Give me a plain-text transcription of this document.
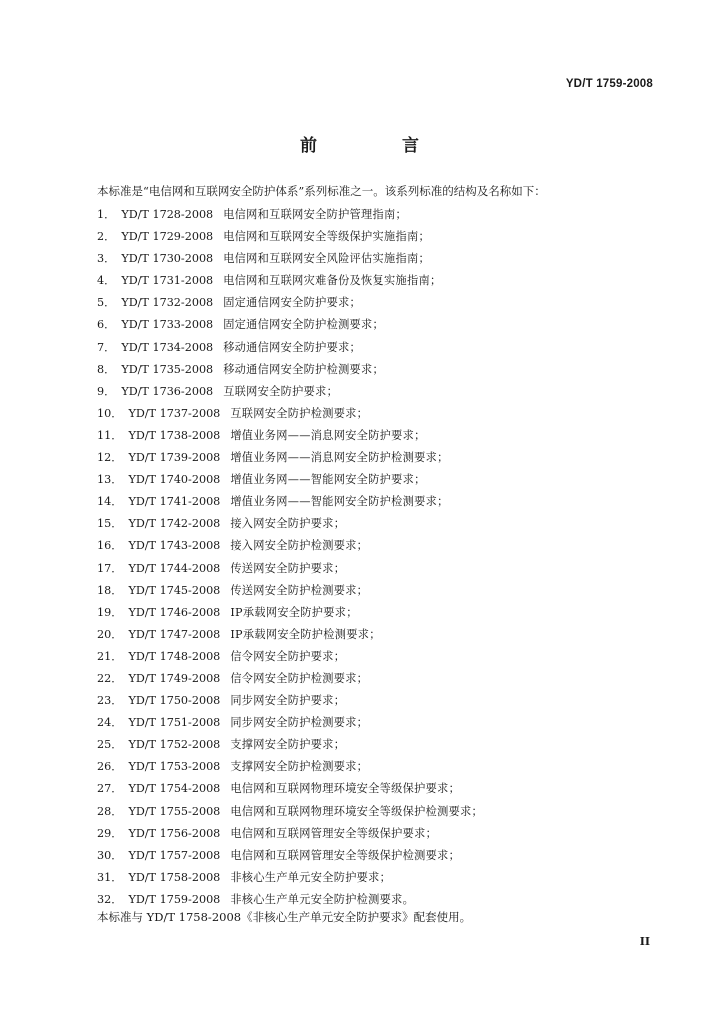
YD/T 1759-2008
前　言
本标准是“电信网和互联网安全防护体系”系列标准之一。该系列标准的结构及名称如下：
1． YD/T 1728-2008 电信网和互联网安全防护管理指南；
2． YD/T 1729-2008 电信网和互联网安全等级保护实施指南；
3． YD/T 1730-2008 电信网和互联网安全风险评估实施指南；
4． YD/T 1731-2008 电信网和互联网灾难备份及恢复实施指南；
5． YD/T 1732-2008 固定通信网安全防护要求；
6． YD/T 1733-2008 固定通信网安全防护检测要求；
7． YD/T 1734-2008 移动通信网安全防护要求；
8． YD/T 1735-2008 移动通信网安全防护检测要求；
9． YD/T 1736-2008 互联网安全防护要求；
10． YD/T 1737-2008 互联网安全防护检测要求；
11． YD/T 1738-2008 增值业务网——消息网安全防护要求；
12． YD/T 1739-2008 增值业务网——消息网安全防护检测要求；
13． YD/T 1740-2008 增值业务网——智能网安全防护要求；
14． YD/T 1741-2008 增值业务网——智能网安全防护检测要求；
15． YD/T 1742-2008 接入网安全防护要求；
16． YD/T 1743-2008 接入网安全防护检测要求；
17． YD/T 1744-2008 传送网安全防护要求；
18． YD/T 1745-2008 传送网安全防护检测要求；
19． YD/T 1746-2008 IP承载网安全防护要求；
20． YD/T 1747-2008 IP承载网安全防护检测要求；
21． YD/T 1748-2008 信令网安全防护要求；
22． YD/T 1749-2008 信令网安全防护检测要求；
23． YD/T 1750-2008 同步网安全防护要求；
24． YD/T 1751-2008 同步网安全防护检测要求；
25． YD/T 1752-2008 支撑网安全防护要求；
26． YD/T 1753-2008 支撑网安全防护检测要求；
27． YD/T 1754-2008 电信网和互联网物理环境安全等级保护要求；
28． YD/T 1755-2008 电信网和互联网物理环境安全等级保护检测要求；
29． YD/T 1756-2008 电信网和互联网管理安全等级保护要求；
30． YD/T 1757-2008 电信网和互联网管理安全等级保护检测要求；
31． YD/T 1758-2008 非核心生产单元安全防护要求；
32． YD/T 1759-2008 非核心生产单元安全防护检测要求。
本标准与 YD/T 1758-2008《非核心生产单元安全防护要求》配套使用。
II
